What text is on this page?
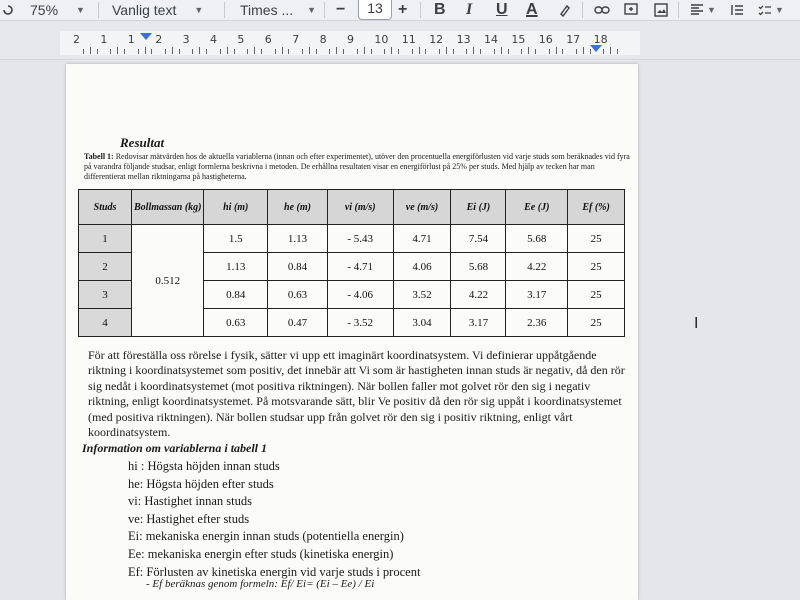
75% ▼ Vanlig text ▼	Times ... ▼ −	13 + B I U A	▼	▼
2 1 1 2 3 4 5 6 7 8 9 10 11 12 13 14 15 16 17 18
Resultat
Tabell 1: Redovisar mätvärden hos de aktuella variablerna (innan och efter experimentet), utöver den procentuella energiförlusten vid varje studs som beräknades vid fyra på varandra följande studsar, enligt formlerna beskrivna i metoden. De erhållna resultaten visar en energiförlust på 25% per studs. Med hjälp av tecken har man differentierat mellan riktningarna på hastigheterna.
Studs	Bollmassan (kg)	hi (m)	he (m)	vi (m/s)	ve (m/s)	Ei (J)	Ee (J)	Ef (%)
1	0.512	1.5	1.13	- 5.43	4.71	7.54	5.68	25
2		1.13	0.84	- 4.71	4.06	5.68	4.22	25
3		0.84	0.63	- 4.06	3.52	4.22	3.17	25
4		0.63	0.47	- 3.52	3.04	3.17	2.36	25
För att föreställa oss rörelse i fysik, sätter vi upp ett imaginärt koordinatsystem. Vi definierar uppåtgående riktning i koordinatsystemet som positiv, det innebär att Vi som är hastigheten innan studs är negativ, då den rör sig nedåt i koordinatsystemet (mot positiva riktningen). När bollen faller mot golvet rör den sig i negativ riktning, enligt koordinatsystemet. På motsvarande sätt, blir Ve positiv då den rör sig uppåt i koordinatsystemet (med positiva riktningen). När bollen studsar upp från golvet rör den sig i positiv riktning, enligt vårt koordinatsystem.
Information om variablerna i tabell 1
hi : Högsta höjden innan studs
he: Högsta höjden efter studs
vi: Hastighet innan studs
ve: Hastighet efter studs
Ei: mekaniska energin innan studs (potentiella energin)
Ee: mekaniska energin efter studs (kinetiska energin)
Ef: Förlusten av kinetiska energin vid varje studs i procent
- Ef beräknas genom formeln: Ef/ Ei= (Ei – Ee) / Ei
I
